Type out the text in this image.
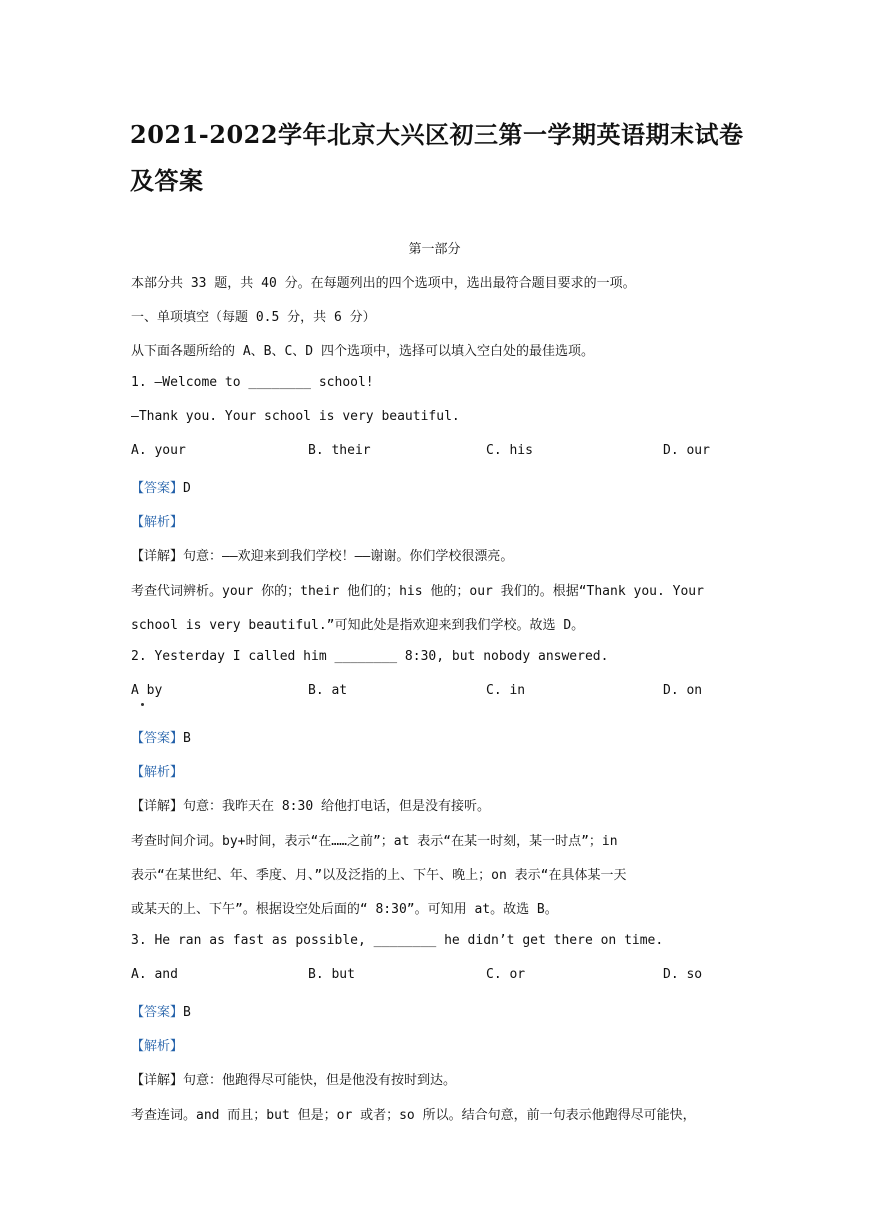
2021-2022学年北京大兴区初三第一学期英语期末试卷及答案
第一部分
本部分共 33 题，共 40 分。在每题列出的四个选项中，选出最符合题目要求的一项。
一、单项填空（每题 0.5 分，共 6 分）
从下面各题所给的 A、B、C、D 四个选项中，选择可以填入空白处的最佳选项。
1. —Welcome to ________ school!
—Thank you. Your school is very beautiful.
A. your	B. their	C. his	D. our
【答案】D
【解析】
【详解】句意：——欢迎来到我们学校！——谢谢。你们学校很漂亮。
考查代词辨析。your 你的；their 他们的；his 他的；our 我们的。根据“Thank you. Your
school is very beautiful.”可知此处是指欢迎来到我们学校。故选 D。
2. Yesterday I called him ________ 8:30, but nobody answered.
A by	B. at	C. in	D. on
【答案】B
【解析】
【详解】句意：我昨天在 8:30 给他打电话，但是没有接听。
考查时间介词。by+时间，表示“在……之前”；at 表示“在某一时刻，某一时点”；in
表示“在某世纪、年、季度、月、”以及泛指的上、下午、晚上；on 表示“在具体某一天
或某天的上、下午”。根据设空处后面的“ 8:30”。可知用 at。故选 B。
3. He ran as fast as possible, ________ he didn’t get there on time.
A. and	B. but	C. or	D. so
【答案】B
【解析】
【详解】句意：他跑得尽可能快，但是他没有按时到达。
考查连词。and 而且；but 但是；or 或者；so 所以。结合句意，前一句表示他跑得尽可能快，
